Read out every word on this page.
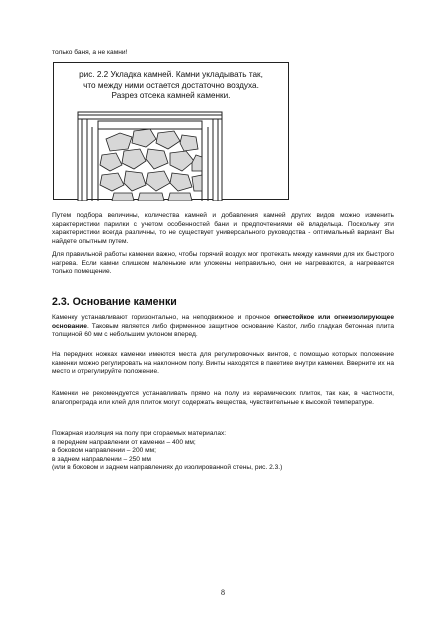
только баня, а не камни!

рис. 2.2 Укладка камней. Камни укладывать так,
что между ними остается достаточно воздуха.
Разрез отсека камней каменки.

Путем подбора величины, количества камней и добавления камней других видов можно изменить характеристики парилки с учетом особенностей бани и предпочтениями её владельца. Поскольку эти характеристики всегда различны, то не существует универсального руководства - оптимальный вариант Вы найдете опытным путем.

Для правильной работы каменки важно, чтобы горячий воздух мог протекать между камнями для их быстрого нагрева. Если камни слишком маленькие или уложены неправильно, они не нагреваются, а нагревается только помещение.

2.3. Основание каменки

Каменку устанавливают горизонтально, на неподвижное и прочное огнестойкое или огнеизолирующее основание. Таковым является либо фирменное защитное основание Kastor, либо гладкая бетонная плита толщиной 60 мм с небольшим уклоном вперед.

На передних ножках каменки имеются места для регулировочных винтов, с помощью которых положение каменки можно регулировать на наклонном полу. Винты находятся в пакетике внутри каменки. Вверните их на место и отрегулируйте положение.

Каменки не рекомендуется устанавливать прямо на полу из керамических плиток, так как, в частности, влагопреграда или клей для плиток могут содержать вещества, чувствительные к высокой температуре.

Пожарная изоляция на полу при сгораемых материалах:
в переднем направлении от каменки – 400 мм;
в боковом направлении – 200 мм;
в заднем направлении – 250 мм
(или в боковом и заднем направлениях до изолированной стены, рис. 2.3.)
8
